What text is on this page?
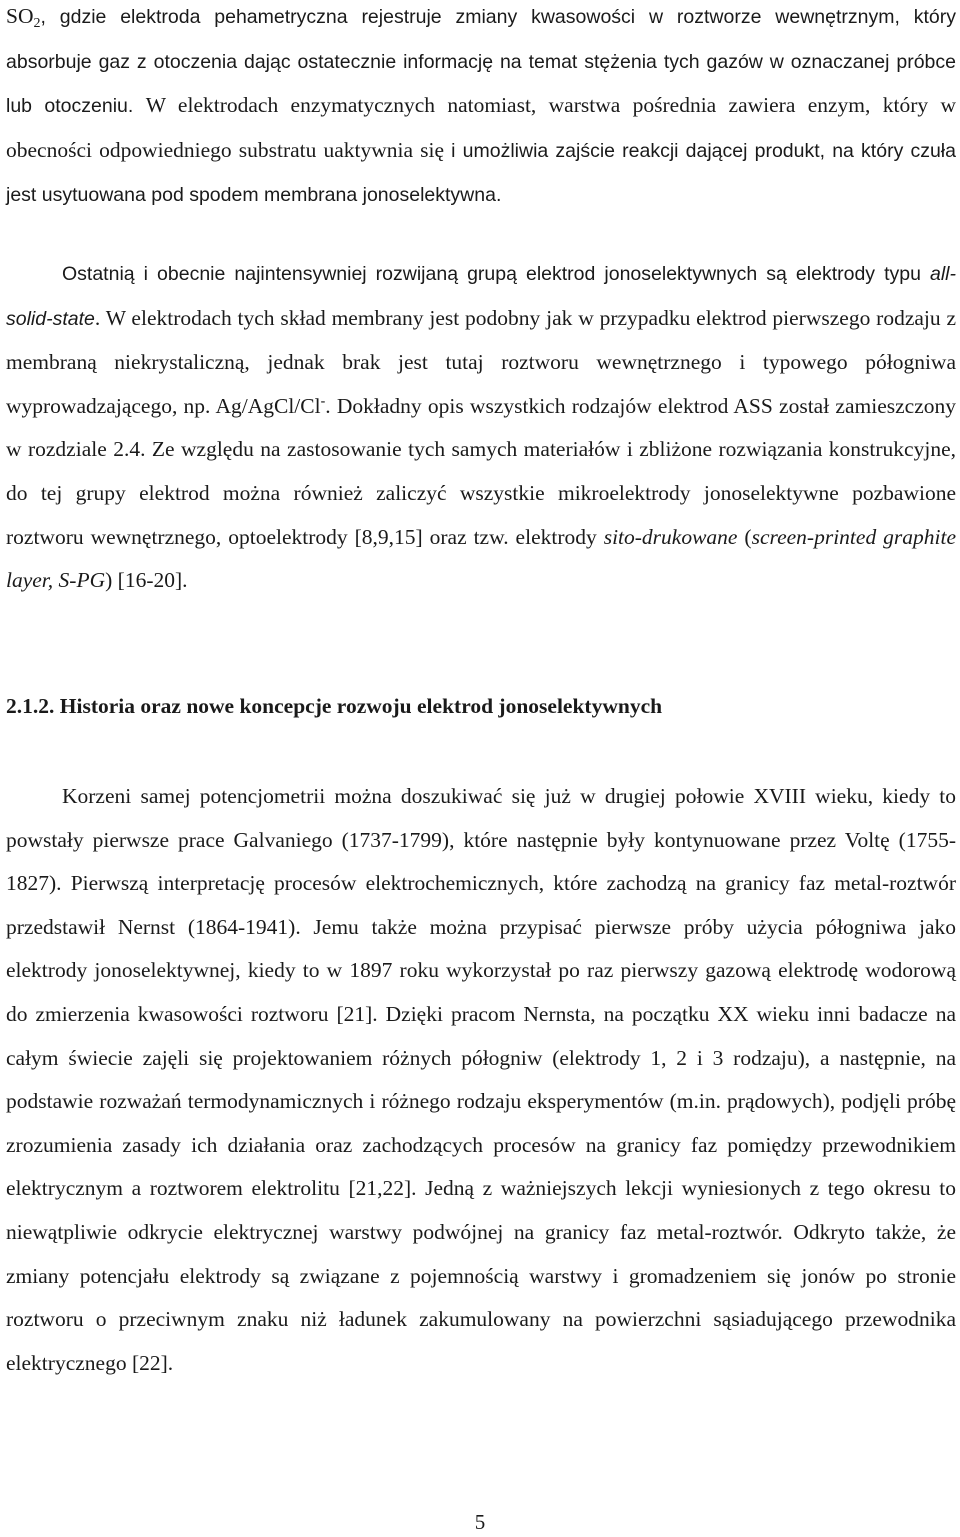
$SO_2$, gdzie elektroda pehametryczna rejestruje zmiany kwasowości w roztworze wewnętrznym, który absorbuje gaz z otoczenia dając ostatecznie informację na temat stężenia tych gazów w oznaczanej próbce lub otoczeniu. W elektrodach enzymatycznych natomiast, warstwa pośrednia zawiera enzym, który w obecności odpowiedniego substratu uaktywnia się i umożliwia zajście reakcji dającej produkt, na który czuła jest usytuowana pod spodem membrana jonoselektywna.

Ostatnią i obecnie najintensywniej rozwijaną grupą elektrod jonoselektywnych są elektrody typu all-solid-state. W elektrodach tych skład membrany jest podobny jak w przypadku elektrod pierwszego rodzaju z membraną niekrystaliczną, jednak brak jest tutaj roztworu wewnętrznego i typowego półogniwa wyprowadzającego, np. Ag/AgCl/Cl-. Dokładny opis wszystkich rodzajów elektrod ASS został zamieszczony w rozdziale 2.4. Ze względu na zastosowanie tych samych materiałów i zbliżone rozwiązania konstrukcyjne, do tej grupy elektrod można również zaliczyć wszystkie mikroelektrody jonoselektywne pozbawione roztworu wewnętrznego, optoelektrody [8,9,15] oraz tzw. elektrody sito-drukowane (screen-printed graphite layer, S-PG) [16-20].

2.1.2. Historia oraz nowe koncepcje rozwoju elektrod jonoselektywnych

Korzeni samej potencjometrii można doszukiwać się już w drugiej połowie XVIII wieku, kiedy to powstały pierwsze prace Galvaniego (1737-1799), które następnie były kontynuowane przez Voltę (1755-1827). Pierwszą interpretację procesów elektrochemicznych, które zachodzą na granicy faz metal-roztwór przedstawił Nernst (1864-1941). Jemu także można przypisać pierwsze próby użycia półogniwa jako elektrody jonoselektywnej, kiedy to w 1897 roku wykorzystał po raz pierwszy gazową elektrodę wodorową do zmierzenia kwasowości roztworu [21]. Dzięki pracom Nernsta, na początku XX wieku inni badacze na całym świecie zajęli się projektowaniem różnych półogniw (elektrody 1, 2 i 3 rodzaju), a następnie, na podstawie rozważań termodynamicznych i różnego rodzaju eksperymentów (m.in. prądowych), podjęli próbę zrozumienia zasady ich działania oraz zachodzących procesów na granicy faz pomiędzy przewodnikiem elektrycznym a roztworem elektrolitu [21,22]. Jedną z ważniejszych lekcji wyniesionych z tego okresu to niewątpliwie odkrycie elektrycznej warstwy podwójnej na granicy faz metal-roztwór. Odkryto także, że zmiany potencjału elektrody są związane z pojemnością warstwy i gromadzeniem się jonów po stronie roztworu o przeciwnym znaku niż ładunek zakumulowany na powierzchni sąsiadującego przewodnika elektrycznego [22].

5
